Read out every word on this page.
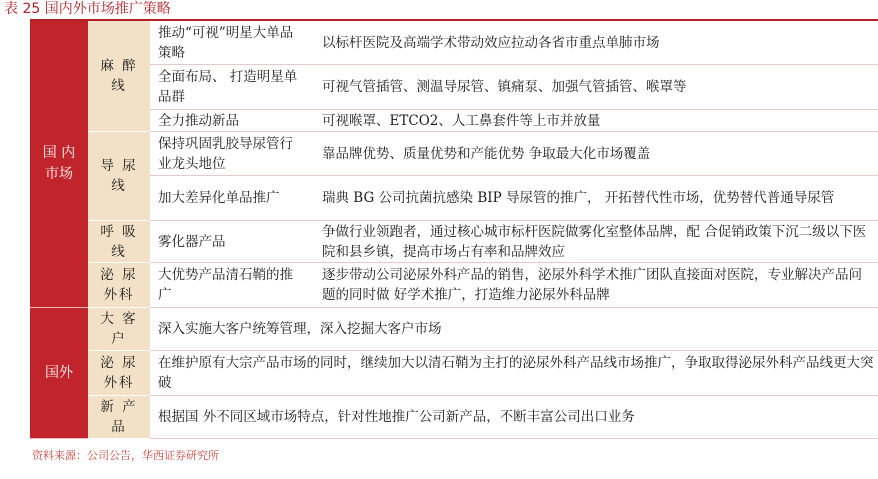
表 25 国内外市场推广策略
国 内
市场
麻 醉
线
推动“可视”明星大单品策略
以标杆医院及高端学术带动效应拉动各省市重点单肺市场
全面布局、 打造明星单品群
可视气管插管、测温导尿管、镇痛泵、加强气管插管、喉罩等
全力推动新品	可视喉罩、ETCO2、人工鼻套件等上市并放量
导 尿
线
保持巩固乳胶导尿管行业龙头地位
靠品牌优势、质量优势和产能优势 争取最大化市场覆盖
加大差异化单品推广	瑞典 BG 公司抗菌抗感染 BIP 导尿管的推广， 开拓替代性市场，优势替代普通导尿管
呼 吸
线
雾化器产品
争做行业领跑者，通过核心城市标杆医院做雾化室整体品牌，配 合促销政策下沉二级以下医院和县乡镇，提高市场占有率和品牌效应
泌 尿
外科
大优势产品清石鞘的推广
逐步带动公司泌尿外科产品的销售，泌尿外科学术推广团队直接面对医院，专业解决产品问题的同时做 好学术推广，打造维力泌尿外科品牌
国外
大 客
户
深入实施大客户统筹管理，深入挖掘大客户市场
泌 尿
外科
在维护原有大宗产品市场的同时，继续加大以清石鞘为主打的泌尿外科产品线市场推广，争取取得泌尿外科产品线更大突破
新 产
品
根据国 外不同区域市场特点，针对性地推广公司新产品，不断丰富公司出口业务
资料来源：公司公告，华西证券研究所
